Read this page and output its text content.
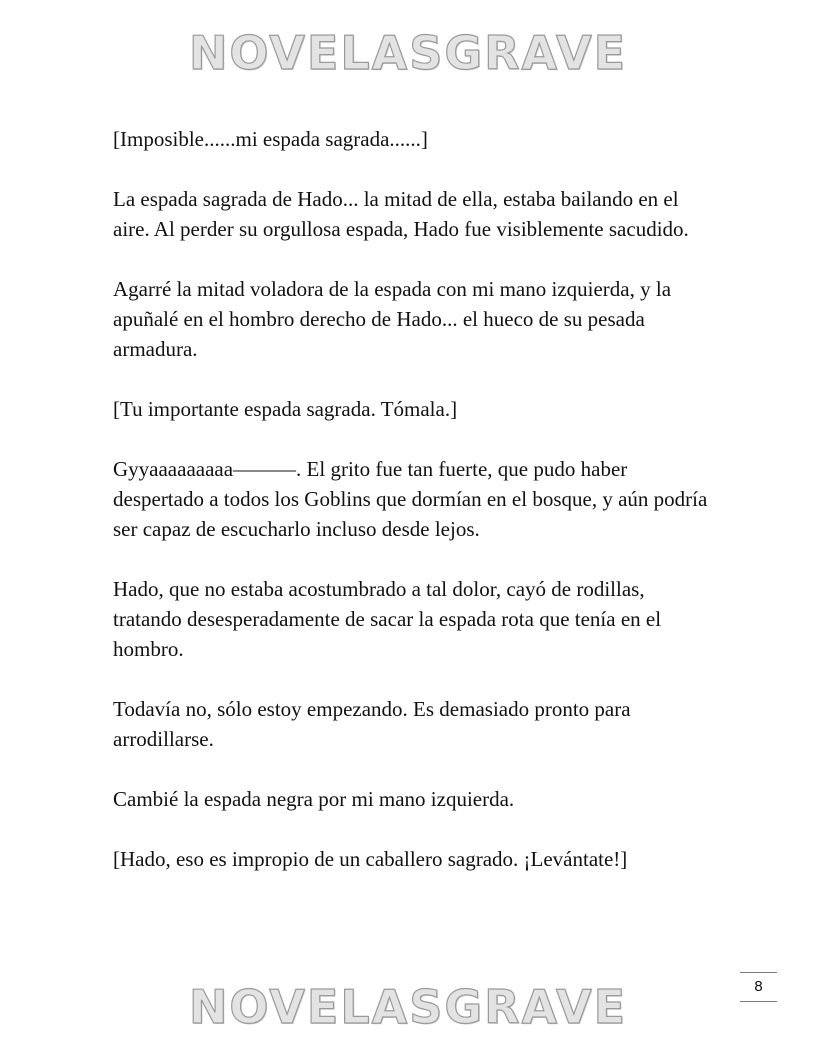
NOVELASGRAVE

[Imposible......mi espada sagrada......]

La espada sagrada de Hado... la mitad de ella, estaba bailando en el aire. Al perder su orgullosa espada, Hado fue visiblemente sacudido.

Agarré la mitad voladora de la espada con mi mano izquierda, y la apuñalé en el hombro derecho de Hado... el hueco de su pesada armadura.

[Tu importante espada sagrada. Tómala.]

Gyyaaaaaaaaa———. El grito fue tan fuerte, que pudo haber despertado a todos los Goblins que dormían en el bosque, y aún podría ser capaz de escucharlo incluso desde lejos.

Hado, que no estaba acostumbrado a tal dolor, cayó de rodillas, tratando desesperadamente de sacar la espada rota que tenía en el hombro.

Todavía no, sólo estoy empezando. Es demasiado pronto para arrodillarse.

Cambié la espada negra por mi mano izquierda.

[Hado, eso es impropio de un caballero sagrado. ¡Levántate!]

8
NOVELASGRAVE
